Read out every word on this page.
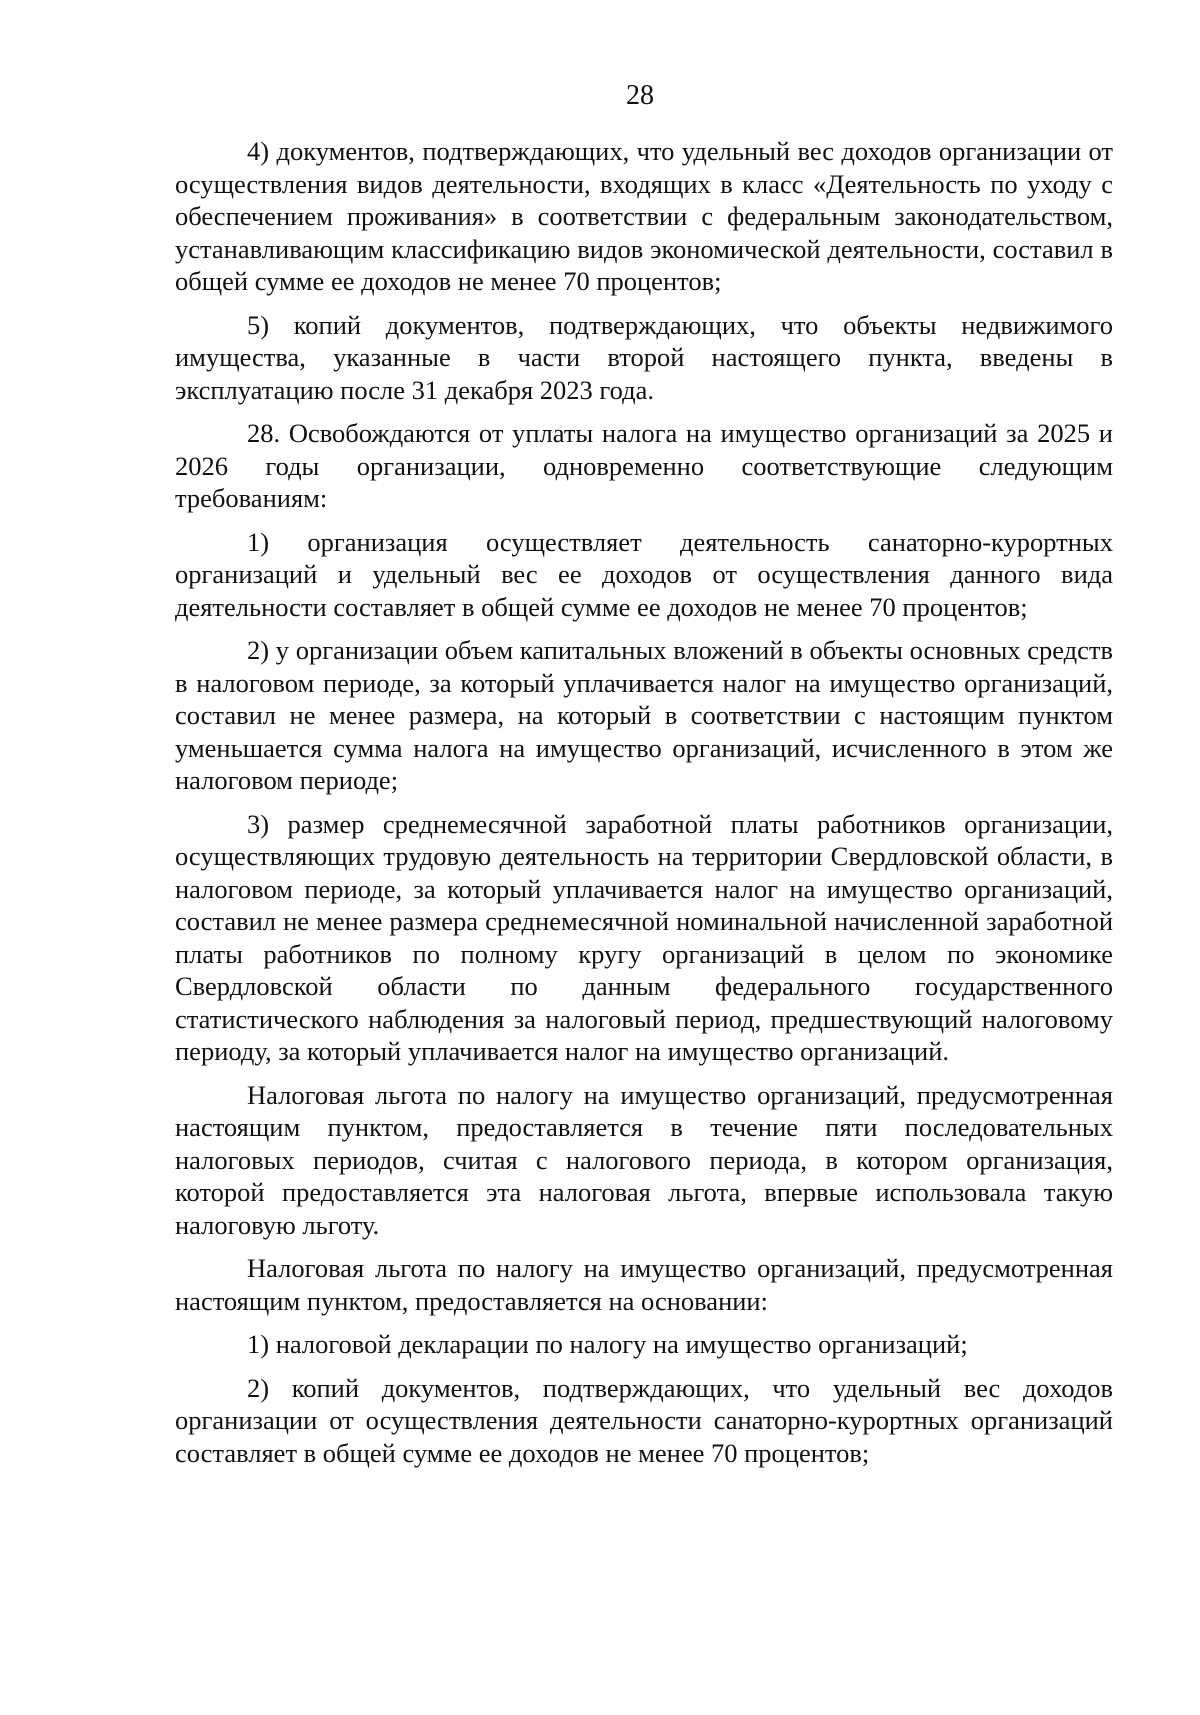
28

4) документов, подтверждающих, что удельный вес доходов организации от осуществления видов деятельности, входящих в класс «Деятельность по уходу с обеспечением проживания» в соответствии с федеральным законодательством, устанавливающим классификацию видов экономической деятельности, составил в общей сумме ее доходов не менее 70 процентов;

5) копий документов, подтверждающих, что объекты недвижимого имущества, указанные в части второй настоящего пункта, введены в эксплуатацию после 31 декабря 2023 года.

28. Освобождаются от уплаты налога на имущество организаций за 2025 и 2026 годы организации, одновременно соответствующие следующим требованиям:

1) организация осуществляет деятельность санаторно-курортных организаций и удельный вес ее доходов от осуществления данного вида деятельности составляет в общей сумме ее доходов не менее 70 процентов;

2) у организации объем капитальных вложений в объекты основных средств в налоговом периоде, за который уплачивается налог на имущество организаций, составил не менее размера, на который в соответствии с настоящим пунктом уменьшается сумма налога на имущество организаций, исчисленного в этом же налоговом периоде;

3) размер среднемесячной заработной платы работников организации, осуществляющих трудовую деятельность на территории Свердловской области, в налоговом периоде, за который уплачивается налог на имущество организаций, составил не менее размера среднемесячной номинальной начисленной заработной платы работников по полному кругу организаций в целом по экономике Свердловской области по данным федерального государственного статистического наблюдения за налоговый период, предшествующий налоговому периоду, за который уплачивается налог на имущество организаций.

Налоговая льгота по налогу на имущество организаций, предусмотренная настоящим пунктом, предоставляется в течение пяти последовательных налоговых периодов, считая с налогового периода, в котором организация, которой предоставляется эта налоговая льгота, впервые использовала такую налоговую льготу.

Налоговая льгота по налогу на имущество организаций, предусмотренная настоящим пунктом, предоставляется на основании:

1) налоговой декларации по налогу на имущество организаций;

2) копий документов, подтверждающих, что удельный вес доходов организации от осуществления деятельности санаторно-курортных организаций составляет в общей сумме ее доходов не менее 70 процентов;
